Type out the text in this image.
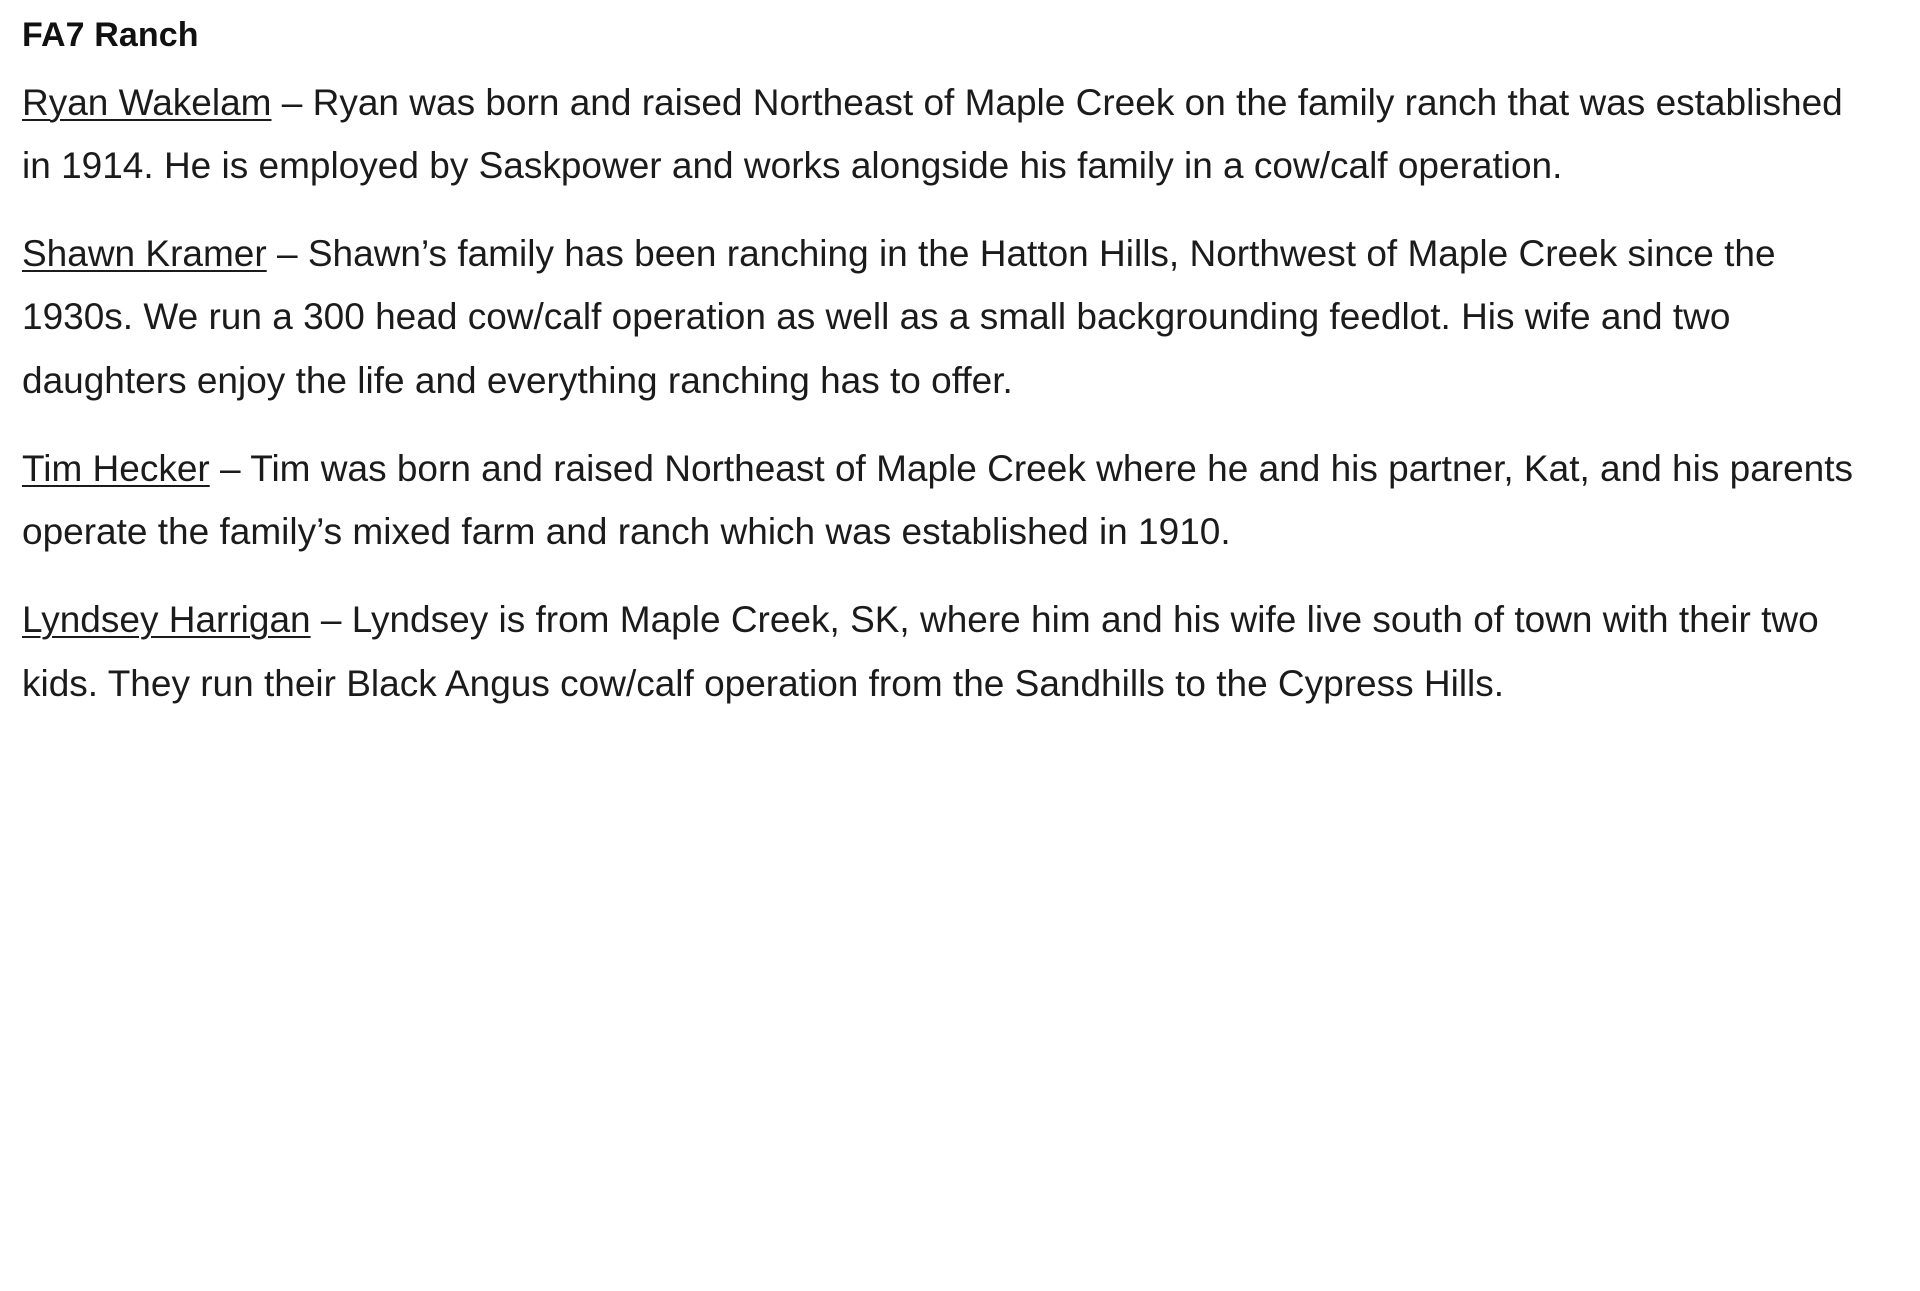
FA7 Ranch

Ryan Wakelam – Ryan was born and raised Northeast of Maple Creek on the family ranch that was established in 1914. He is employed by Saskpower and works alongside his family in a cow/calf operation.

Shawn Kramer – Shawn’s family has been ranching in the Hatton Hills, Northwest of Maple Creek since the 1930s. We run a 300 head cow/calf operation as well as a small backgrounding feedlot. His wife and two daughters enjoy the life and everything ranching has to offer.

Tim Hecker – Tim was born and raised Northeast of Maple Creek where he and his partner, Kat, and his parents operate the family’s mixed farm and ranch which was established in 1910.

Lyndsey Harrigan – Lyndsey is from Maple Creek, SK, where him and his wife live south of town with their two kids. They run their Black Angus cow/calf operation from the Sandhills to the Cypress Hills.
